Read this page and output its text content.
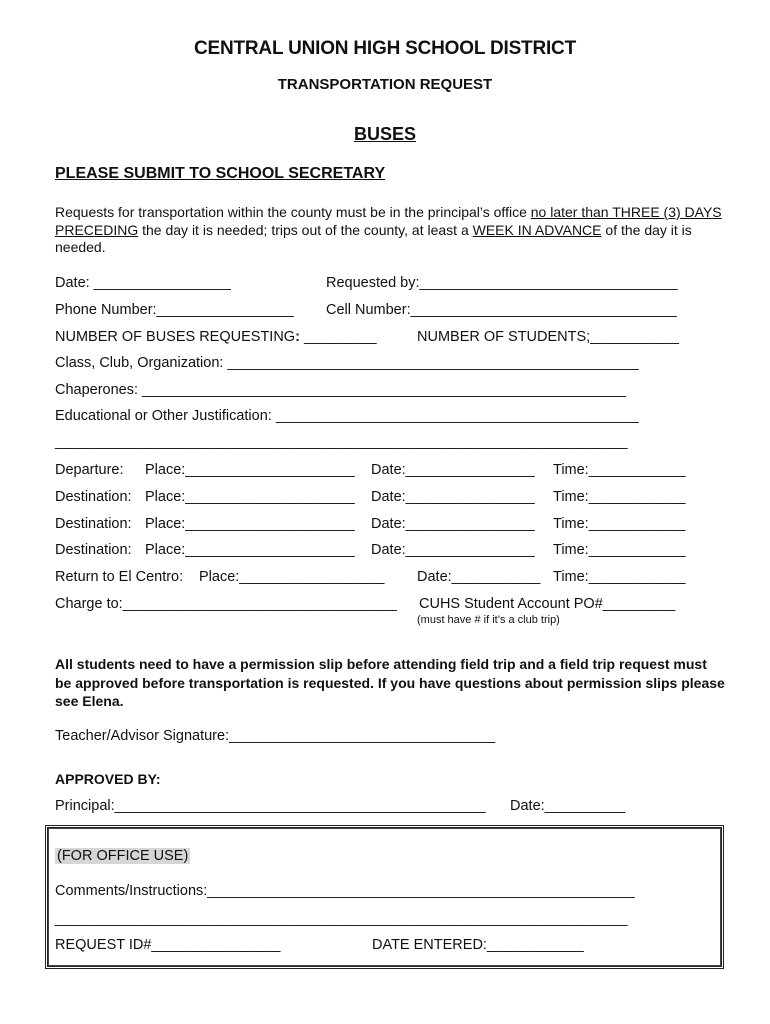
CENTRAL UNION HIGH SCHOOL DISTRICT
TRANSPORTATION REQUEST
BUSES
PLEASE SUBMIT TO SCHOOL SECRETARY
Requests for transportation within the county must be in the principal’s office no later than THREE (3) DAYS PRECEDING the day it is needed; trips out of the county, at least a WEEK IN ADVANCE of the day it is needed.
Date: _________________	Requested by:________________________________
Phone Number:_________________ Cell Number:_________________________________
NUMBER OF BUSES REQUESTING: _________	NUMBER OF STUDENTS;___________
Class, Club, Organization: ___________________________________________________
Chaperones: ____________________________________________________________
Educational or Other Justification: _____________________________________________
_______________________________________________________________________
Departure: Place:_____________________ Date:________________ Time:____________
Destination: Place:_____________________ Date:________________ Time:____________
Destination: Place:_____________________ Date:________________ Time:____________
Destination: Place:_____________________ Date:________________ Time:____________
Return to El Centro: Place:__________________ Date:___________ Time:____________
Charge to:__________________________________ CUHS Student Account PO#_________
(must have # if it’s a club trip)
All students need to have a permission slip before attending field trip and a field trip request must be approved before transportation is requested. If you have questions about permission slips please see Elena.
Teacher/Advisor Signature:_________________________________
APPROVED BY:
Principal:______________________________________________ Date:__________
(FOR OFFICE USE)
Comments/Instructions:_____________________________________________________
_______________________________________________________________________
REQUEST ID#________________	DATE ENTERED:____________
